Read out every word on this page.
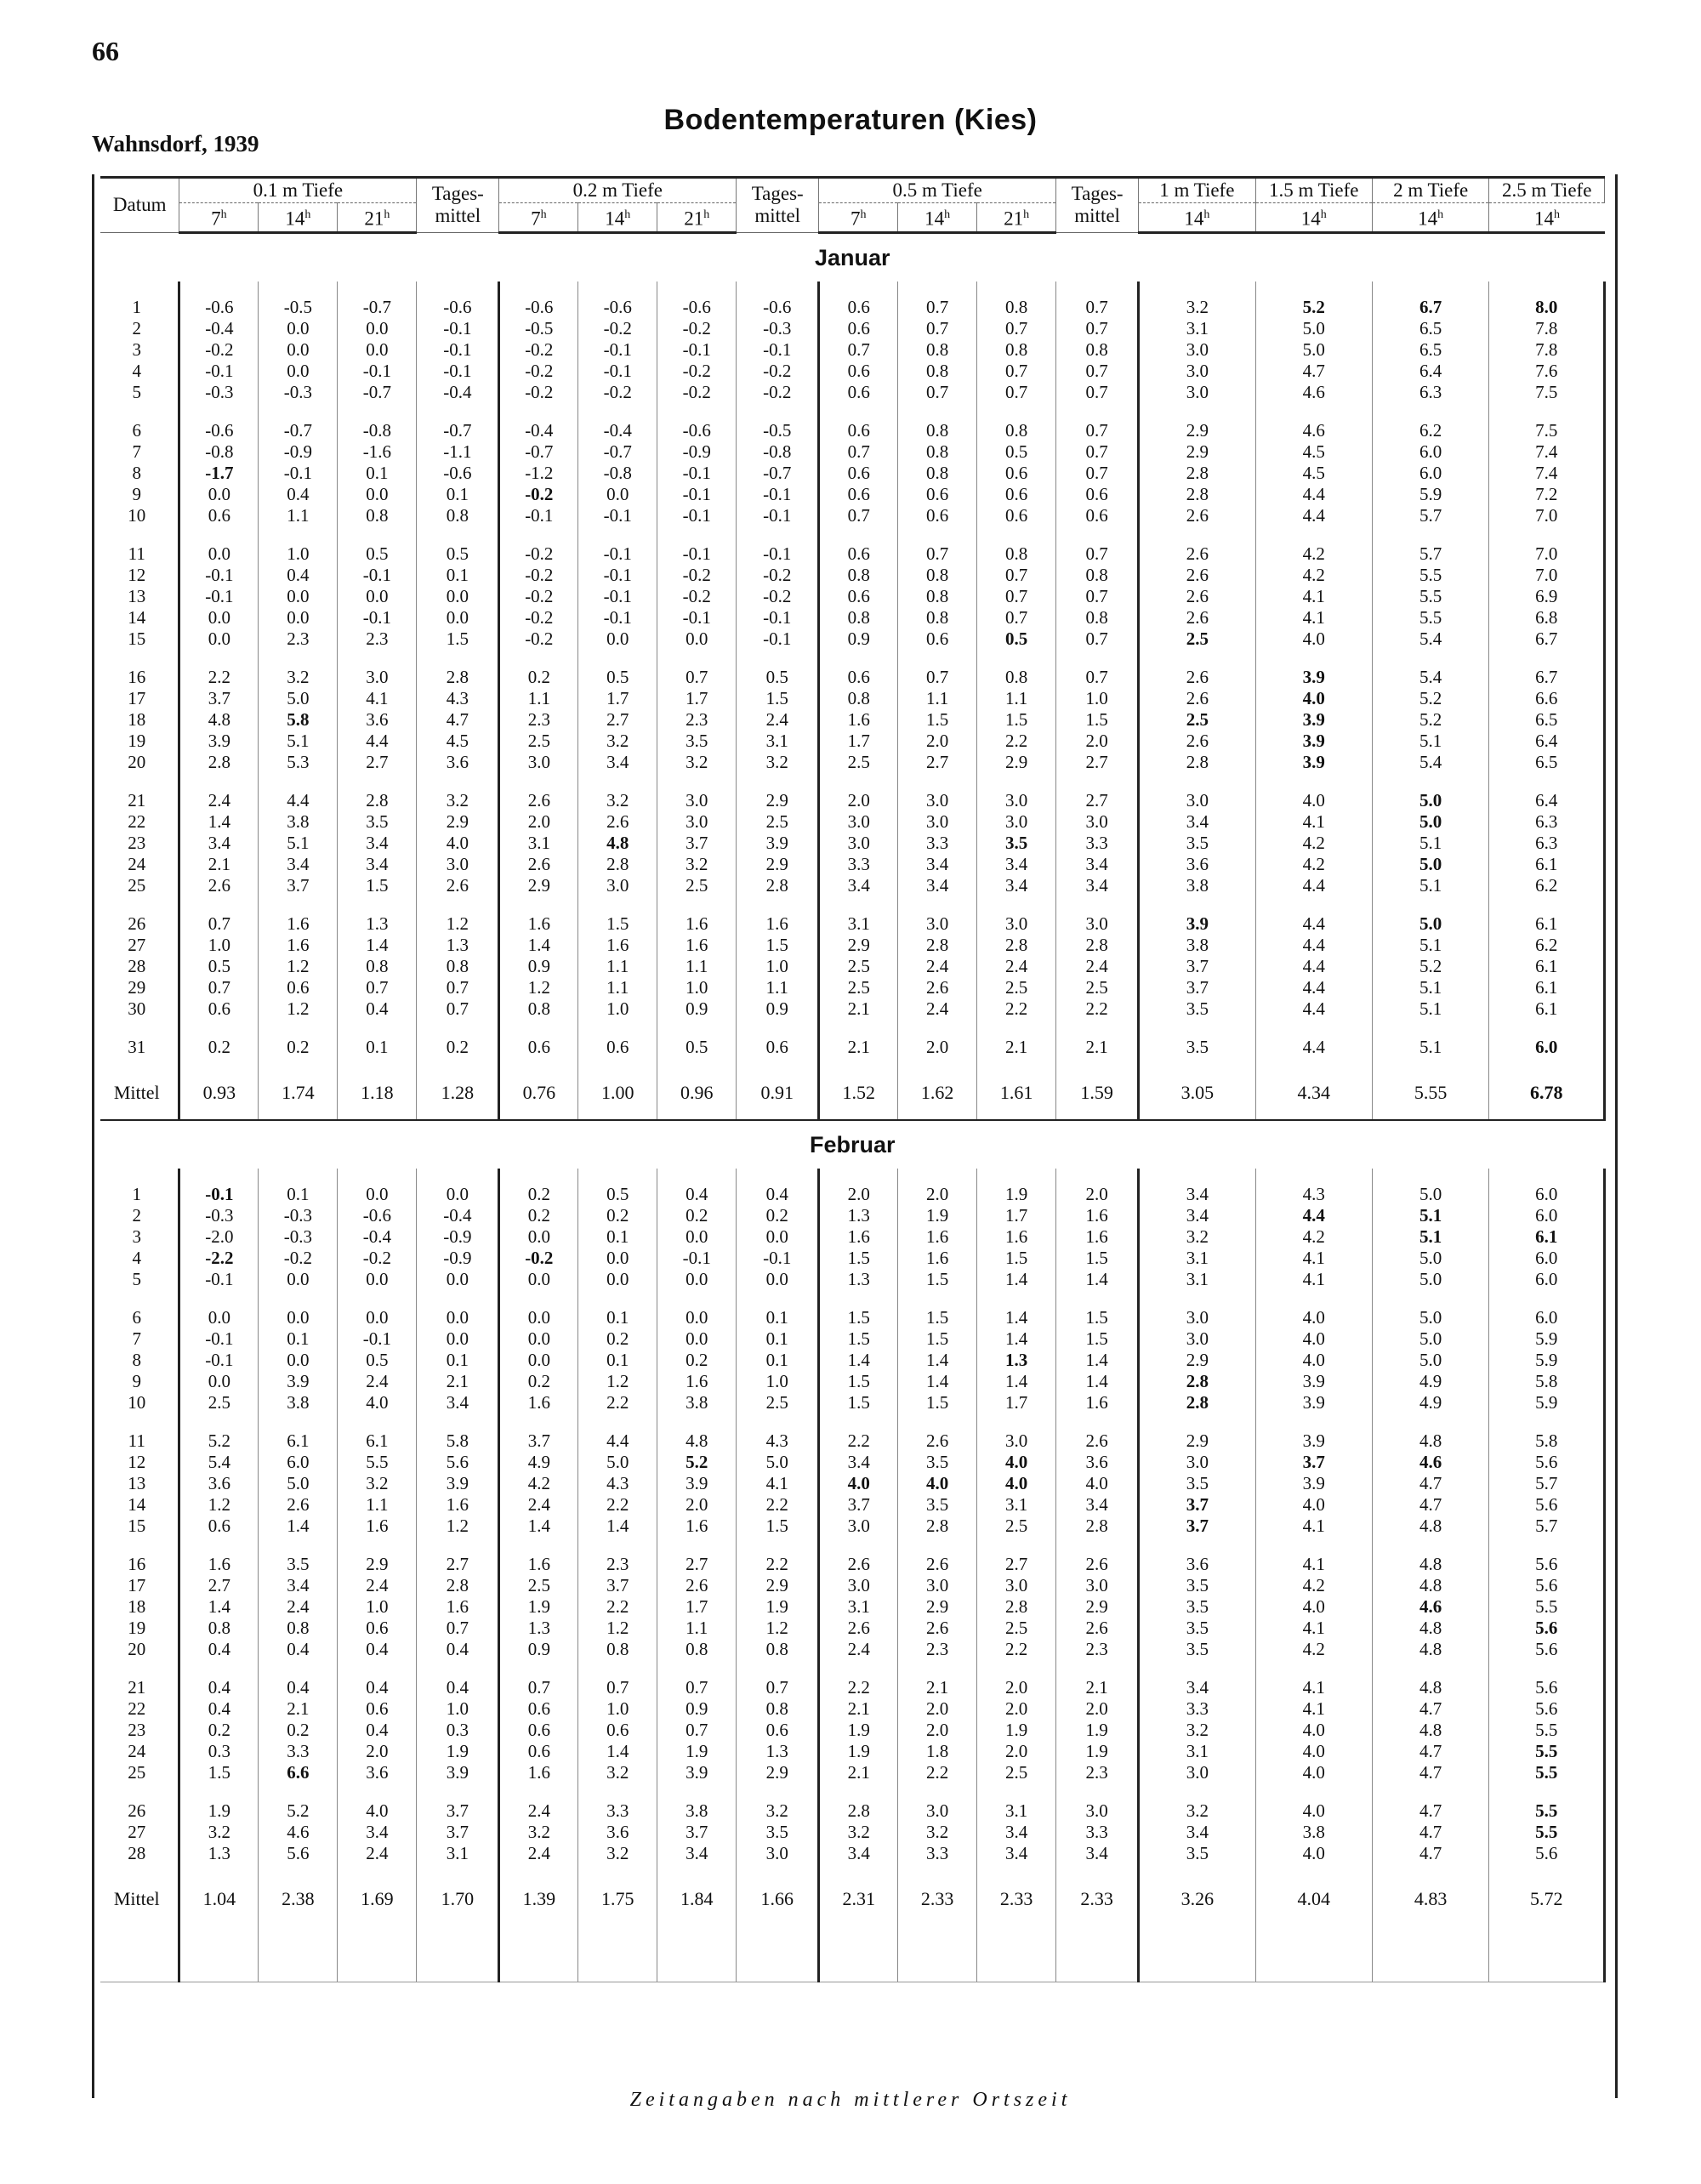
66
Bodentemperaturen (Kies)
Wahnsdorf, 1939
Datum	0.1 m Tiefe			Tages- mittel	0.2 m Tiefe			Tages- mittel	0.5 m Tiefe			Tages- mittel	1 m Tiefe	1.5 m Tiefe	2 m Tiefe	2.5 m Tiefe
	7$^h$	14$^h$	21$^h$		7$^h$	14$^h$	21$^h$		7$^h$	14$^h$	21$^h$		14$^h$	14$^h$	14$^h$	14$^h$
Januar																

1	-0.6	-0.5	-0.7	-0.6	-0.6	-0.6	-0.6	-0.6	0.6	0.7	0.8	0.7	3.2	5.2	6.7	8.0
2	-0.4	0.0	0.0	-0.1	-0.5	-0.2	-0.2	-0.3	0.6	0.7	0.7	0.7	3.1	5.0	6.5	7.8
3	-0.2	0.0	0.0	-0.1	-0.2	-0.1	-0.1	-0.1	0.7	0.8	0.8	0.8	3.0	5.0	6.5	7.8
4	-0.1	0.0	-0.1	-0.1	-0.2	-0.1	-0.2	-0.2	0.6	0.8	0.7	0.7	3.0	4.7	6.4	7.6
5	-0.3	-0.3	-0.7	-0.4	-0.2	-0.2	-0.2	-0.2	0.6	0.7	0.7	0.7	3.0	4.6	6.3	7.5

6	-0.6	-0.7	-0.8	-0.7	-0.4	-0.4	-0.6	-0.5	0.6	0.8	0.8	0.7	2.9	4.6	6.2	7.5
7	-0.8	-0.9	-1.6	-1.1	-0.7	-0.7	-0.9	-0.8	0.7	0.8	0.5	0.7	2.9	4.5	6.0	7.4
8	-1.7	-0.1	0.1	-0.6	-1.2	-0.8	-0.1	-0.7	0.6	0.8	0.6	0.7	2.8	4.5	6.0	7.4
9	0.0	0.4	0.0	0.1	-0.2	0.0	-0.1	-0.1	0.6	0.6	0.6	0.6	2.8	4.4	5.9	7.2
10	0.6	1.1	0.8	0.8	-0.1	-0.1	-0.1	-0.1	0.7	0.6	0.6	0.6	2.6	4.4	5.7	7.0

11	0.0	1.0	0.5	0.5	-0.2	-0.1	-0.1	-0.1	0.6	0.7	0.8	0.7	2.6	4.2	5.7	7.0
12	-0.1	0.4	-0.1	0.1	-0.2	-0.1	-0.2	-0.2	0.8	0.8	0.7	0.8	2.6	4.2	5.5	7.0
13	-0.1	0.0	0.0	0.0	-0.2	-0.1	-0.2	-0.2	0.6	0.8	0.7	0.7	2.6	4.1	5.5	6.9
14	0.0	0.0	-0.1	0.0	-0.2	-0.1	-0.1	-0.1	0.8	0.8	0.7	0.8	2.6	4.1	5.5	6.8
15	0.0	2.3	2.3	1.5	-0.2	0.0	0.0	-0.1	0.9	0.6	0.5	0.7	2.5	4.0	5.4	6.7

16	2.2	3.2	3.0	2.8	0.2	0.5	0.7	0.5	0.6	0.7	0.8	0.7	2.6	3.9	5.4	6.7
17	3.7	5.0	4.1	4.3	1.1	1.7	1.7	1.5	0.8	1.1	1.1	1.0	2.6	4.0	5.2	6.6
18	4.8	5.8	3.6	4.7	2.3	2.7	2.3	2.4	1.6	1.5	1.5	1.5	2.5	3.9	5.2	6.5
19	3.9	5.1	4.4	4.5	2.5	3.2	3.5	3.1	1.7	2.0	2.2	2.0	2.6	3.9	5.1	6.4
20	2.8	5.3	2.7	3.6	3.0	3.4	3.2	3.2	2.5	2.7	2.9	2.7	2.8	3.9	5.4	6.5

21	2.4	4.4	2.8	3.2	2.6	3.2	3.0	2.9	2.0	3.0	3.0	2.7	3.0	4.0	5.0	6.4
22	1.4	3.8	3.5	2.9	2.0	2.6	3.0	2.5	3.0	3.0	3.0	3.0	3.4	4.1	5.0	6.3
23	3.4	5.1	3.4	4.0	3.1	4.8	3.7	3.9	3.0	3.3	3.5	3.3	3.5	4.2	5.1	6.3
24	2.1	3.4	3.4	3.0	2.6	2.8	3.2	2.9	3.3	3.4	3.4	3.4	3.6	4.2	5.0	6.1
25	2.6	3.7	1.5	2.6	2.9	3.0	2.5	2.8	3.4	3.4	3.4	3.4	3.8	4.4	5.1	6.2

26	0.7	1.6	1.3	1.2	1.6	1.5	1.6	1.6	3.1	3.0	3.0	3.0	3.9	4.4	5.0	6.1
27	1.0	1.6	1.4	1.3	1.4	1.6	1.6	1.5	2.9	2.8	2.8	2.8	3.8	4.4	5.1	6.2
28	0.5	1.2	0.8	0.8	0.9	1.1	1.1	1.0	2.5	2.4	2.4	2.4	3.7	4.4	5.2	6.1
29	0.7	0.6	0.7	0.7	1.2	1.1	1.0	1.1	2.5	2.6	2.5	2.5	3.7	4.4	5.1	6.1
30	0.6	1.2	0.4	0.7	0.8	1.0	0.9	0.9	2.1	2.4	2.2	2.2	3.5	4.4	5.1	6.1

31	0.2	0.2	0.1	0.2	0.6	0.6	0.5	0.6	2.1	2.0	2.1	2.1	3.5	4.4	5.1	6.0

Mittel	0.93	1.74	1.18	1.28	0.76	1.00	0.96	0.91	1.52	1.62	1.61	1.59	3.05	4.34	5.55	6.78

Februar																

1	-0.1	0.1	0.0	0.0	0.2	0.5	0.4	0.4	2.0	2.0	1.9	2.0	3.4	4.3	5.0	6.0
2	-0.3	-0.3	-0.6	-0.4	0.2	0.2	0.2	0.2	1.3	1.9	1.7	1.6	3.4	4.4	5.1	6.0
3	-2.0	-0.3	-0.4	-0.9	0.0	0.1	0.0	0.0	1.6	1.6	1.6	1.6	3.2	4.2	5.1	6.1
4	-2.2	-0.2	-0.2	-0.9	-0.2	0.0	-0.1	-0.1	1.5	1.6	1.5	1.5	3.1	4.1	5.0	6.0
5	-0.1	0.0	0.0	0.0	0.0	0.0	0.0	0.0	1.3	1.5	1.4	1.4	3.1	4.1	5.0	6.0

6	0.0	0.0	0.0	0.0	0.0	0.1	0.0	0.1	1.5	1.5	1.4	1.5	3.0	4.0	5.0	6.0
7	-0.1	0.1	-0.1	0.0	0.0	0.2	0.0	0.1	1.5	1.5	1.4	1.5	3.0	4.0	5.0	5.9
8	-0.1	0.0	0.5	0.1	0.0	0.1	0.2	0.1	1.4	1.4	1.3	1.4	2.9	4.0	5.0	5.9
9	0.0	3.9	2.4	2.1	0.2	1.2	1.6	1.0	1.5	1.4	1.4	1.4	2.8	3.9	4.9	5.8
10	2.5	3.8	4.0	3.4	1.6	2.2	3.8	2.5	1.5	1.5	1.7	1.6	2.8	3.9	4.9	5.9

11	5.2	6.1	6.1	5.8	3.7	4.4	4.8	4.3	2.2	2.6	3.0	2.6	2.9	3.9	4.8	5.8
12	5.4	6.0	5.5	5.6	4.9	5.0	5.2	5.0	3.4	3.5	4.0	3.6	3.0	3.7	4.6	5.6
13	3.6	5.0	3.2	3.9	4.2	4.3	3.9	4.1	4.0	4.0	4.0	4.0	3.5	3.9	4.7	5.7
14	1.2	2.6	1.1	1.6	2.4	2.2	2.0	2.2	3.7	3.5	3.1	3.4	3.7	4.0	4.7	5.6
15	0.6	1.4	1.6	1.2	1.4	1.4	1.6	1.5	3.0	2.8	2.5	2.8	3.7	4.1	4.8	5.7

16	1.6	3.5	2.9	2.7	1.6	2.3	2.7	2.2	2.6	2.6	2.7	2.6	3.6	4.1	4.8	5.6
17	2.7	3.4	2.4	2.8	2.5	3.7	2.6	2.9	3.0	3.0	3.0	3.0	3.5	4.2	4.8	5.6
18	1.4	2.4	1.0	1.6	1.9	2.2	1.7	1.9	3.1	2.9	2.8	2.9	3.5	4.0	4.6	5.5
19	0.8	0.8	0.6	0.7	1.3	1.2	1.1	1.2	2.6	2.6	2.5	2.6	3.5	4.1	4.8	5.6
20	0.4	0.4	0.4	0.4	0.9	0.8	0.8	0.8	2.4	2.3	2.2	2.3	3.5	4.2	4.8	5.6

21	0.4	0.4	0.4	0.4	0.7	0.7	0.7	0.7	2.2	2.1	2.0	2.1	3.4	4.1	4.8	5.6
22	0.4	2.1	0.6	1.0	0.6	1.0	0.9	0.8	2.1	2.0	2.0	2.0	3.3	4.1	4.7	5.6
23	0.2	0.2	0.4	0.3	0.6	0.6	0.7	0.6	1.9	2.0	1.9	1.9	3.2	4.0	4.8	5.5
24	0.3	3.3	2.0	1.9	0.6	1.4	1.9	1.3	1.9	1.8	2.0	1.9	3.1	4.0	4.7	5.5
25	1.5	6.6	3.6	3.9	1.6	3.2	3.9	2.9	2.1	2.2	2.5	2.3	3.0	4.0	4.7	5.5

26	1.9	5.2	4.0	3.7	2.4	3.3	3.8	3.2	2.8	3.0	3.1	3.0	3.2	4.0	4.7	5.5
27	3.2	4.6	3.4	3.7	3.2	3.6	3.7	3.5	3.2	3.2	3.4	3.3	3.4	3.8	4.7	5.5
28	1.3	5.6	2.4	3.1	2.4	3.2	3.4	3.0	3.4	3.3	3.4	3.4	3.5	4.0	4.7	5.6

Mittel	1.04	2.38	1.69	1.70	1.39	1.75	1.84	1.66	2.31	2.33	2.33	2.33	3.26	4.04	4.83	5.72

Zeitangaben nach mittlerer Ortszeit
